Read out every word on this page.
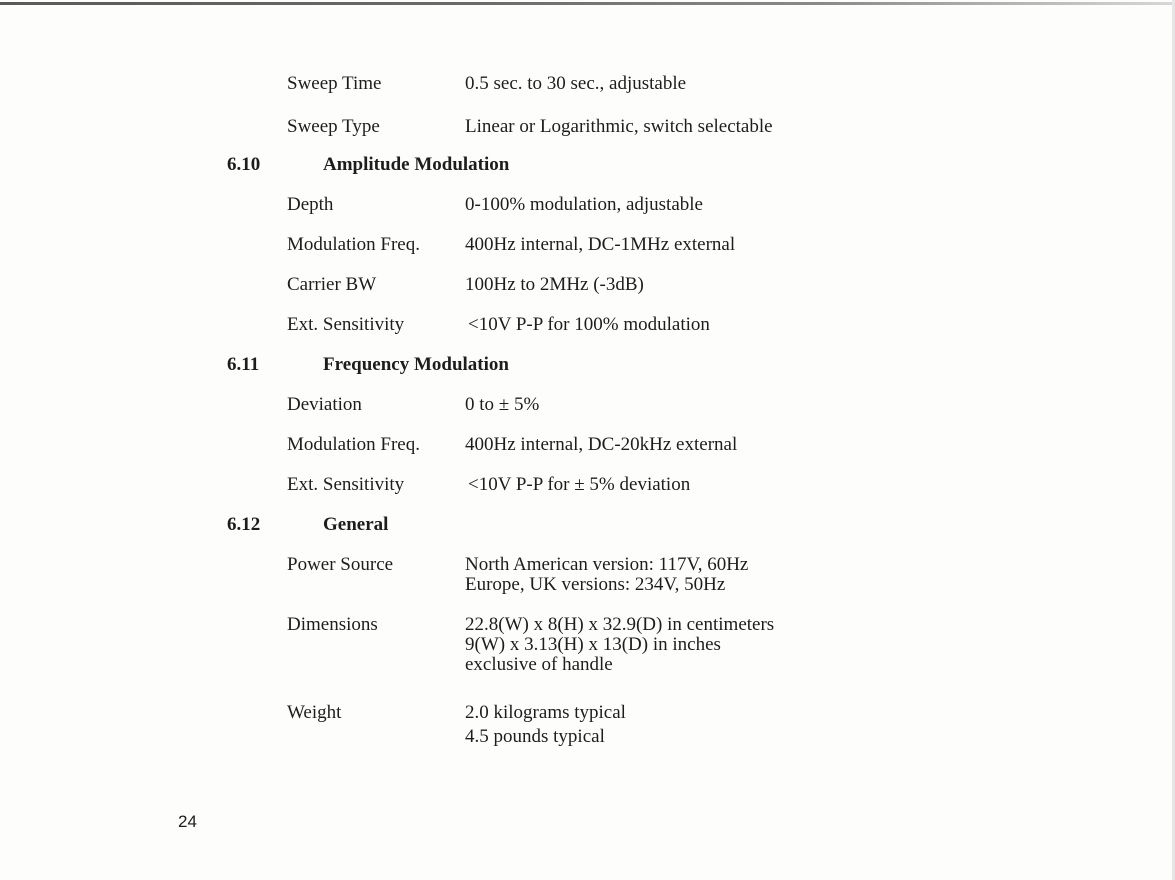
Sweep Time	0.5 sec. to 30 sec., adjustable
Sweep Type	Linear or Logarithmic, switch selectable
6.10	Amplitude Modulation
Depth	0-100% modulation, adjustable
Modulation Freq. 400Hz internal, DC-1MHz external
Carrier BW	100Hz to 2MHz (-3dB)
Ext. Sensitivity	<10V P-P for 100% modulation
6.11	Frequency Modulation
Deviation	0 to ± 5%
Modulation Freq. 400Hz internal, DC-20kHz external
Ext. Sensitivity	<10V P-P for ± 5% deviation
6.12	General
Power Source	North American version: 117V, 60Hz
Europe, UK versions: 234V, 50Hz
Dimensions	22.8(W) x 8(H) x 32.9(D) in centimeters
9(W) x 3.13(H) x 13(D) in inches
exclusive of handle
Weight	2.0 kilograms typical
4.5 pounds typical
24
